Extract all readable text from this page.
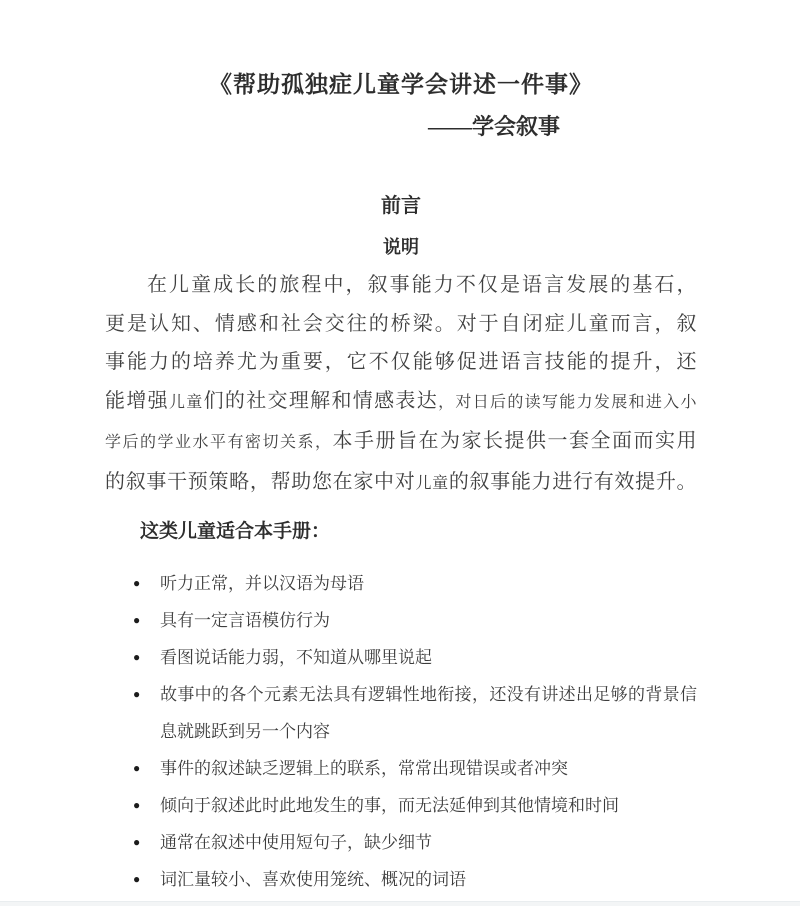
《帮助孤独症儿童学会讲述一件事》
——学会叙事
前言
说明
在儿童成长的旅程中，叙事能力不仅是语言发展的基石，
更是认知、情感和社会交往的桥梁。对于自闭症儿童而言，叙
事能力的培养尤为重要，它不仅能够促进语言技能的提升，还
能增强儿童们的社交理解和情感表达，对日后的读写能力发展和进入小
学后的学业水平有密切关系，本手册旨在为家长提供一套全面而实用
的叙事干预策略，帮助您在家中对儿童的叙事能力进行有效提升。
这类儿童适合本手册：
● 听力正常，并以汉语为母语
● 具有一定言语模仿行为
● 看图说话能力弱，不知道从哪里说起
● 故事中的各个元素无法具有逻辑性地衔接，还没有讲述出足够的背景信息就跳跃到另一个内容
● 事件的叙述缺乏逻辑上的联系，常常出现错误或者冲突
● 倾向于叙述此时此地发生的事，而无法延伸到其他情境和时间
● 通常在叙述中使用短句子，缺少细节
● 词汇量较小、喜欢使用笼统、概况的词语
